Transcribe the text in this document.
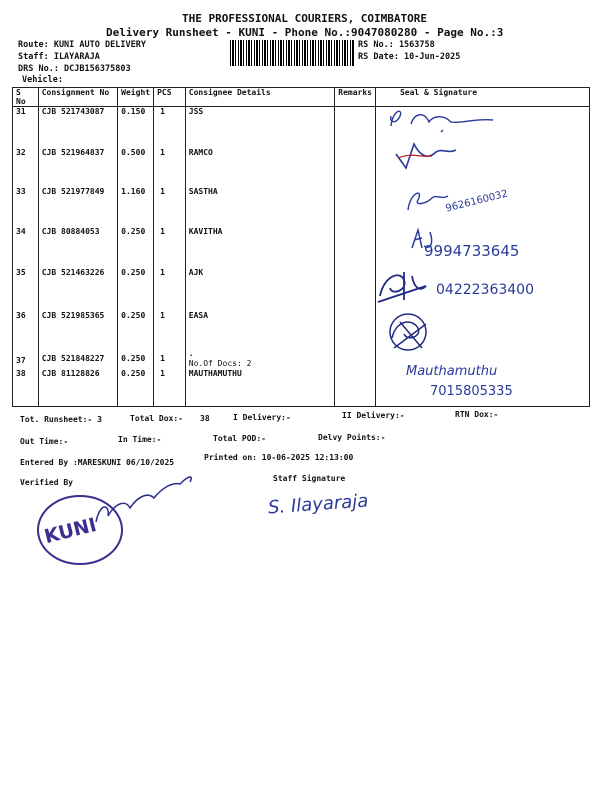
THE PROFESSIONAL COURIERS, COIMBATORE
Delivery Runsheet - KUNI - Phone No.:9047080280 - Page No.:3
Route: KUNI AUTO DELIVERY
Staff: ILAYARAJA
DRS No.: DCJB156375803
Vehicle:
RS No.: 1563758
RS Date: 10-Jun-2025
S No	Consignment No	Weight	PCS	Consignee Details	Remarks	Seal & Signature
31	CJB 521743087	0.150	1	JSS		
32	CJB 521964837	0.500	1	RAMCO		
33	CJB 521977849	1.160	1	SASTHA		
34	CJB 80884053	0.250	1	KAVITHA		
35	CJB 521463226	0.250	1	AJK		
36	CJB 521985365	0.250	1	EASA		
37	CJB 521848227	0.250	1	.
No.Of Docs: 2		

38	CJB 81128826	0.250	1	MAUTHAMUTHU		
9626160032
9994733645
04222363400
Mauthamuthu
7015805335
Tot. Runsheet:- 3	Total Dox:- 38	I Delivery:-	II Delivery:-	RTN Dox:-
Out Time:-	In Time:-	Total POD:-	Delvy Points:-
Entered By :MARESKUNI 06/10/2025
Printed on: 10-06-2025 12:13:00
Verified By	Staff Signature
KUNI
S. Ilayaraja
